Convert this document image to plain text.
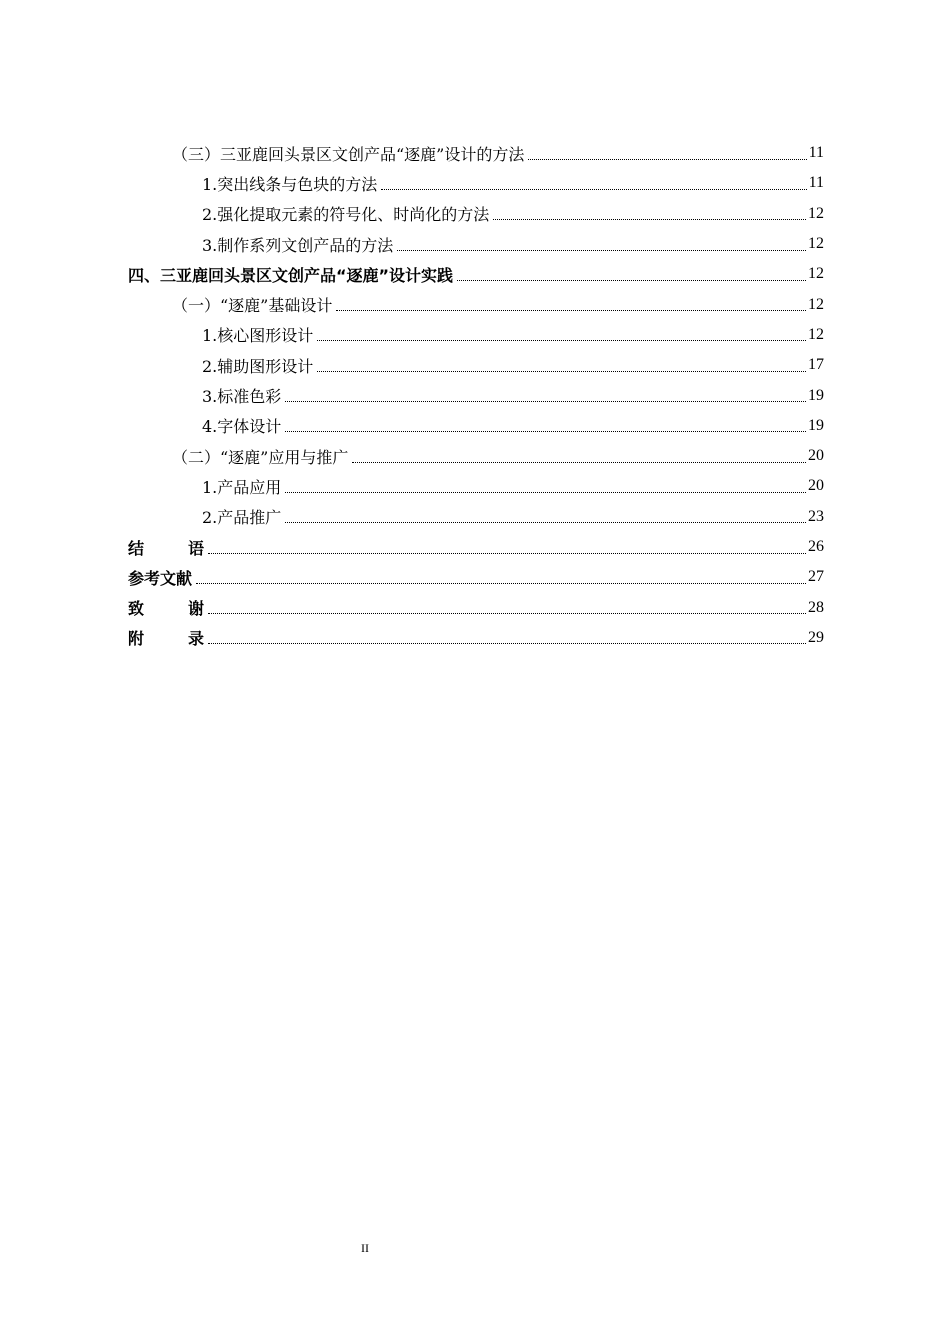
（三）三亚鹿回头景区文创产品“逐鹿”设计的方法	11
1.突出线条与色块的方法	11
2.强化提取元素的符号化、时尚化的方法	12
3.制作系列文创产品的方法	12
四、三亚鹿回头景区文创产品“逐鹿”设计实践	12
（一）“逐鹿”基础设计	12
1.核心图形设计	12
2.辅助图形设计	17
3.标准色彩	19
4.字体设计	19
（二）“逐鹿”应用与推广	20
1.产品应用	20
2.产品推广	23
结	语	26
参考文献	27
致	谢	28
附	录	29
II
